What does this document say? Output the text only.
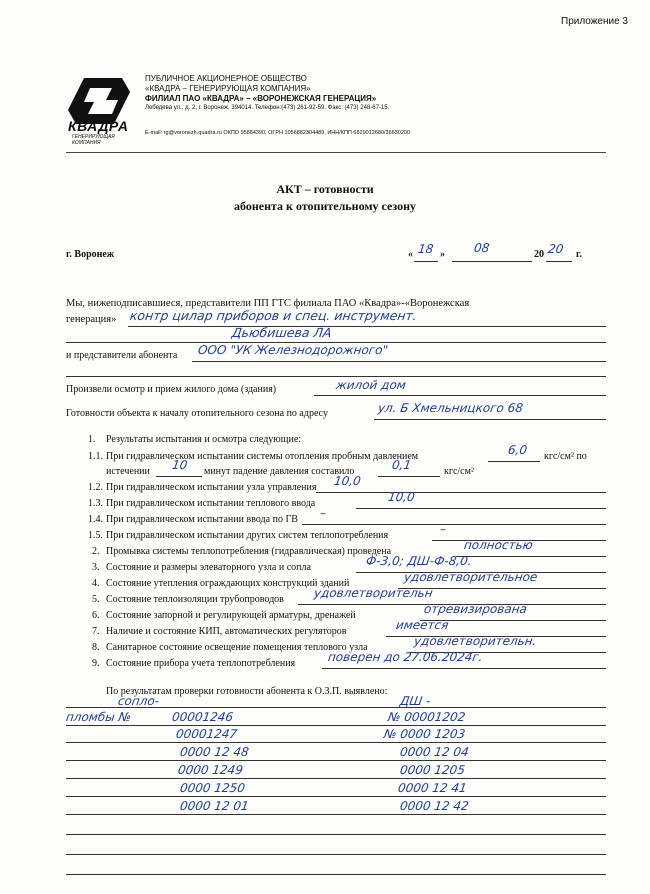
Приложение 3
КВАДРА
ГЕНЕРИРУЮЩАЯ КОМПАНИЯ
ПУБЛИЧНОЕ АКЦИОНЕРНОЕ ОБЩЕСТВО
«КВАДРА – ГЕНЕРИРУЮЩАЯ КОМПАНИЯ»
ФИЛИАЛ ПАО «КВАДРА» – «ВОРОНЕЖСКАЯ ГЕНЕРАЦИЯ»
Лебедева ул., д. 2, г. Воронеж, 394014. Телефон:(473) 261-92-59. Факс: (473) 248-67-15.
E-mail: rg@voronezh.quadra.ru ОКПО 95884390, ОГРН 1056882304489, ИНН/КПП 6829012680/36630200
АКТ – готовности
абонента к отопительному сезону
г. Воронеж	« 18 » 08	20 20 г.
Мы, нижеподписавшиеся, представители ПП ГТС филиала ПАО «Квадра»-«Воронежская
генерация» контр цилар приборов и спец. инструмент.
Дьюбишева ЛА
и представители абонента ООО "УК Железнодорожного"
Произвели осмотр и прием жилого дома (здания)	жилой дом
Готовности объекта к началу отопительного сезона по адресу	ул. Б Хмельницкого 68
1. Результаты испытания и осмотра следующие:
1.1. При гидравлическом испытании системы отопления пробным давлением	6,0 кгс/см² по
истечении 10 минут падение давления составило	0,1	кгс/см²
1.2. При гидравлическом испытании узла управления 10,0
1.3. При гидравлическом испытании теплового ввода	10,0
1.4. При гидравлическом испытании ввода по ГВ –
1.5. При гидравлическом испытании других систем теплопотребления	–
2. Промывка системы теплопотребления (гидравлическая) проведена	полностью
3. Состояние и размеры элеваторного узла и сопла	Ф-3,0; ДШ-Ф-8,0.
4. Состояние утепления ограждающих конструкций зданий	удовлетворительное
5. Состояние теплоизоляции трубопроводов удовлетворительн
6. Состояние запорной и регулирующей арматуры, дренажей	отревизирована
7. Наличие и состояние КИП, автоматических регуляторов	имеется
8. Санитарное состояние освещение помещения теплового узла	удовлетворительн.
9. Состояние прибора учета теплопотребления	поверен до 27.06.2024г.
По результатам проверки готовности абонента к О.З.П. выявлено:
сопло-	ДШ -
пломбы №	00001246	№ 00001202
00001247	№ 0000 1203
0000 12 48	0000 12 04
0000 1249	0000 1205
0000 1250	0000 12 41
0000 12 01	0000 12 42
